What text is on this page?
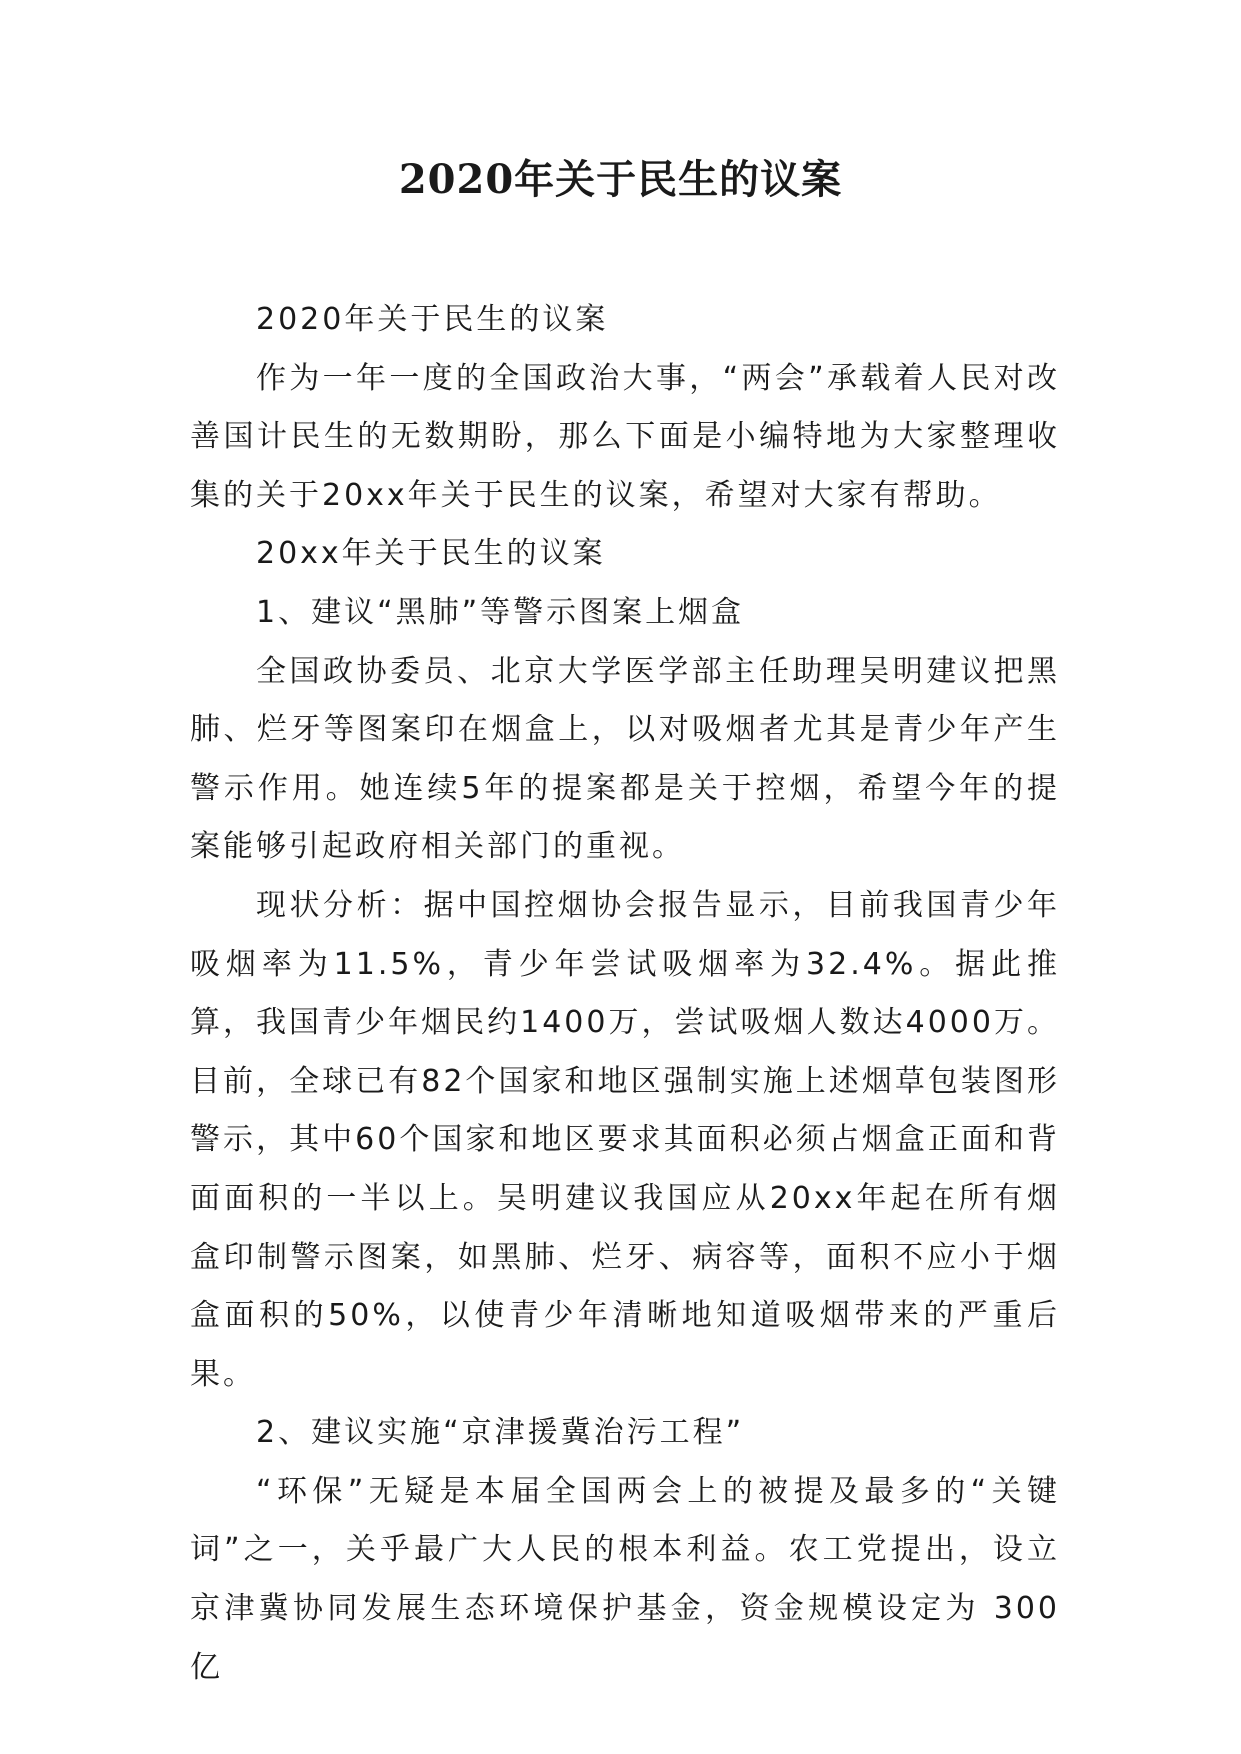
2020年关于民生的议案

2020年关于民生的议案

作为一年一度的全国政治大事，“两会”承载着人民对改善国计民生的无数期盼，那么下面是小编特地为大家整理收集的关于20xx年关于民生的议案，希望对大家有帮助。

20xx年关于民生的议案

1、建议“黑肺”等警示图案上烟盒

全国政协委员、北京大学医学部主任助理吴明建议把黑肺、烂牙等图案印在烟盒上，以对吸烟者尤其是青少年产生警示作用。她连续5年的提案都是关于控烟，希望今年的提案能够引起政府相关部门的重视。

现状分析：据中国控烟协会报告显示，目前我国青少年吸烟率为11.5%，青少年尝试吸烟率为32.4%。据此推算，我国青少年烟民约1400万，尝试吸烟人数达4000万。目前，全球已有82个国家和地区强制实施上述烟草包装图形警示，其中60个国家和地区要求其面积必须占烟盒正面和背面面积的一半以上。吴明建议我国应从20xx年起在所有烟盒印制警示图案，如黑肺、烂牙、病容等，面积不应小于烟盒面积的50%，以使青少年清晰地知道吸烟带来的严重后果。

2、建议实施“京津援冀治污工程”

“环保”无疑是本届全国两会上的被提及最多的“关键词”之一，关乎最广大人民的根本利益。农工党提出，设立京津冀协同发展生态环境保护基金，资金规模设定为 300亿
